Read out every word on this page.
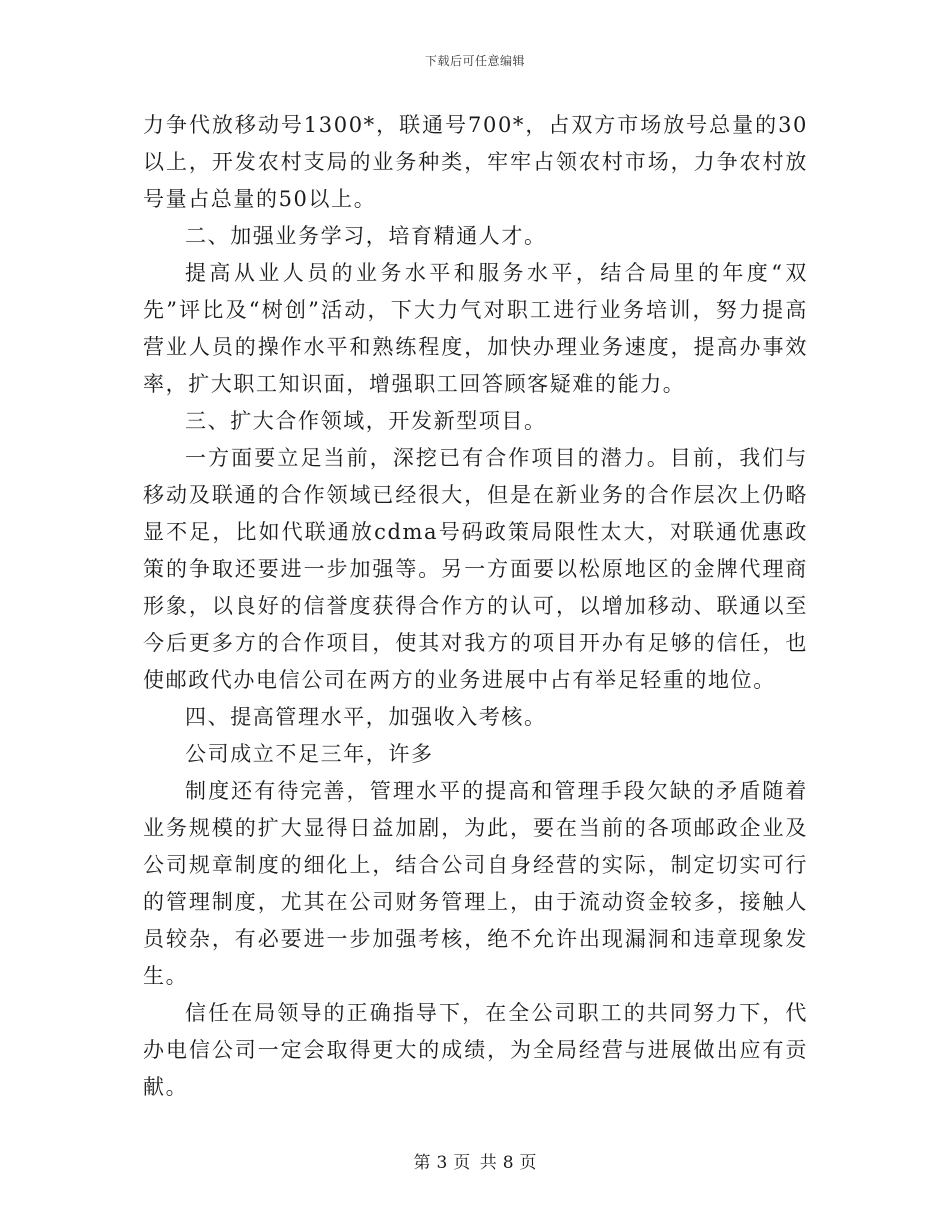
下载后可任意编辑

力争代放移动号1300*，联通号700*，占双方市场放号总量的30以上，开发农村支局的业务种类，牢牢占领农村市场，力争农村放号量占总量的50以上。

二、加强业务学习，培育精通人才。

提高从业人员的业务水平和服务水平，结合局里的年度“双先”评比及“树创”活动，下大力气对职工进行业务培训，努力提高营业人员的操作水平和熟练程度，加快办理业务速度，提高办事效率，扩大职工知识面，增强职工回答顾客疑难的能力。

三、扩大合作领域，开发新型项目。

一方面要立足当前，深挖已有合作项目的潜力。目前，我们与移动及联通的合作领域已经很大，但是在新业务的合作层次上仍略显不足，比如代联通放cdma号码政策局限性太大，对联通优惠政策的争取还要进一步加强等。另一方面要以松原地区的金牌代理商形象，以良好的信誉度获得合作方的认可，以增加移动、联通以至今后更多方的合作项目，使其对我方的项目开办有足够的信任，也使邮政代办电信公司在两方的业务进展中占有举足轻重的地位。

四、提高管理水平，加强收入考核。

公司成立不足三年，许多

制度还有待完善，管理水平的提高和管理手段欠缺的矛盾随着业务规模的扩大显得日益加剧，为此，要在当前的各项邮政企业及公司规章制度的细化上，结合公司自身经营的实际，制定切实可行的管理制度，尤其在公司财务管理上，由于流动资金较多，接触人员较杂，有必要进一步加强考核，绝不允许出现漏洞和违章现象发生。

信任在局领导的正确指导下，在全公司职工的共同努力下，代办电信公司一定会取得更大的成绩，为全局经营与进展做出应有贡献。

第 3 页 共 8 页
